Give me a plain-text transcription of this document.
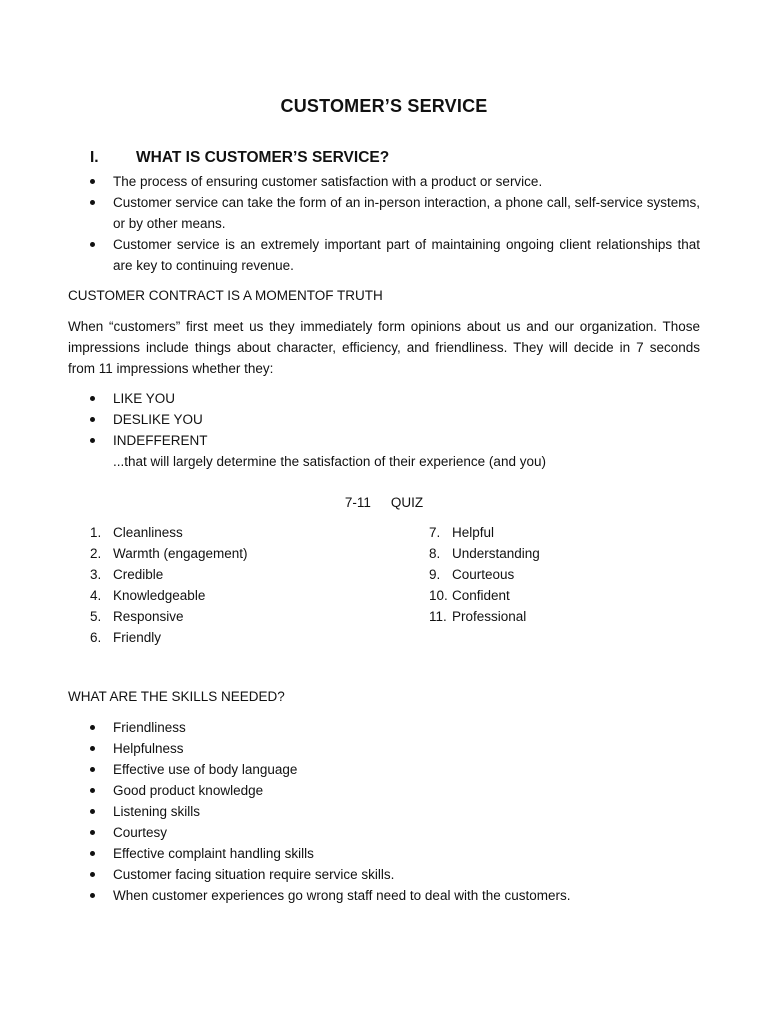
CUSTOMER’S SERVICE
I. WHAT IS CUSTOMER’S SERVICE?
The process of ensuring customer satisfaction with a product or service.
Customer service can take the form of an in-person interaction, a phone call, self-service systems, or by other means.
Customer service is an extremely important part of maintaining ongoing client relationships that are key to continuing revenue.
CUSTOMER CONTRACT IS A MOMENTOF TRUTH
When “customers” first meet us they immediately form opinions about us and our organization. Those impressions include things about character, efficiency, and friendliness. They will decide in 7 seconds from 11 impressions whether they:
LIKE YOU
DESLIKE YOU
INDEFFERENT
...that will largely determine the satisfaction of their experience (and you)
7-11 QUIZ
1. Cleanliness
2. Warmth (engagement)
3. Credible
4. Knowledgeable
5. Responsive
6. Friendly
7. Helpful
8. Understanding
9. Courteous
10. Confident
11. Professional
WHAT ARE THE SKILLS NEEDED?
Friendliness
Helpfulness
Effective use of body language
Good product knowledge
Listening skills
Courtesy
Effective complaint handling skills
Customer facing situation require service skills.
When customer experiences go wrong staff need to deal with the customers.
